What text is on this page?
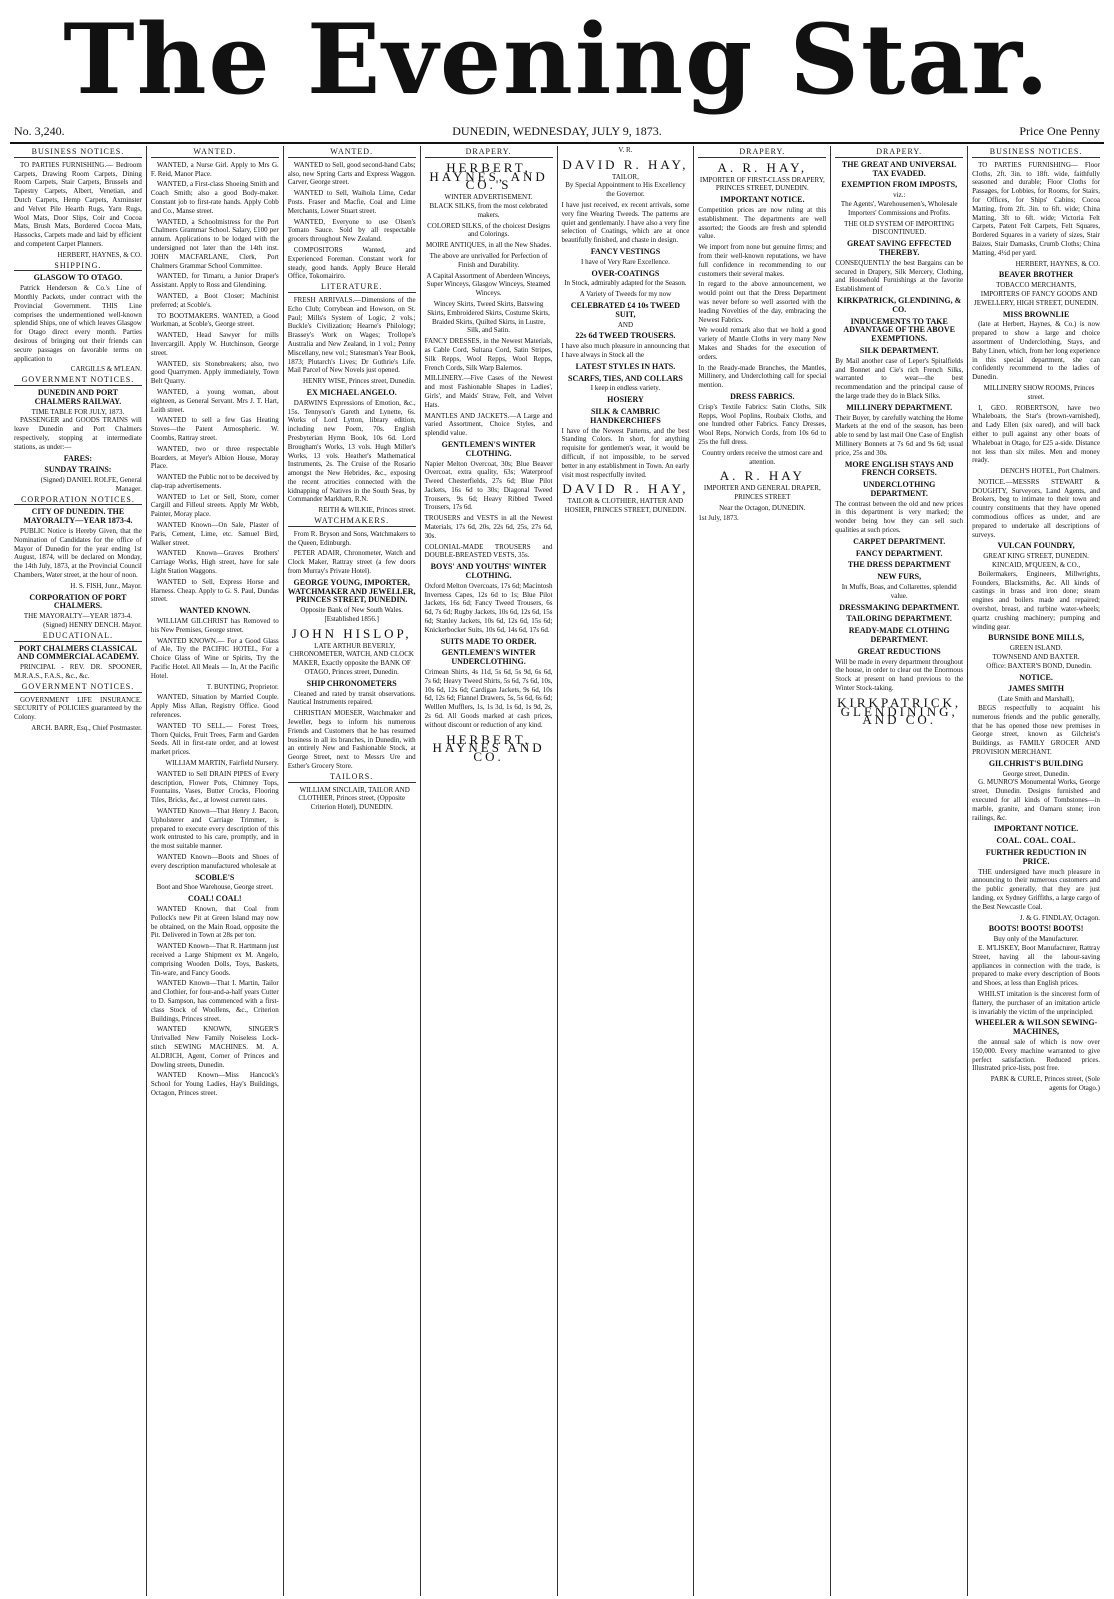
The Evening Star.
No. 3,240.	DUNEDIN, WEDNESDAY, JULY 9, 1873.	Price One Penny
BUSINESS NOTICES.

TO PARTIES FURNISHING.— Bedroom Carpets, Drawing Room Carpets, Dining Room Carpets, Stair Carpets, Brussels and Tapestry Carpets, Albert, Venetian, and Dutch Carpets, Hemp Carpets, Axminster and Velvet Pile Hearth Rugs, Yarn Rugs, Wool Mats, Door Slips, Coir and Cocoa Mats, Brush Mats, Bordered Cocoa Mats, Hassocks, Carpets made and laid by efficient and competent Carpet Planners.

HERBERT, HAYNES, & CO.

SHIPPING.
GLASGOW TO OTAGO.

Patrick Henderson & Co.'s Line of Monthly Packets, under contract with the Provincial Government. THIS Line comprises the undermentioned well-known splendid Ships, one of which leaves Glasgow for Otago direct every month. Parties desirous of bringing out their friends can secure passages on favorable terms on application to

CARGILLS & M'LEAN.

GOVERNMENT NOTICES.
DUNEDIN AND PORT CHALMERS RAILWAY.
TIME TABLE FOR JULY, 1873.

PASSENGER and GOODS TRAINS will leave Dunedin and Port Chalmers respectively, stopping at intermediate stations, as under:—

FARES:
SUNDAY TRAINS:

(Signed) DANIEL ROLFE, General Manager.

CORPORATION NOTICES.
CITY OF DUNEDIN. THE MAYORALTY—YEAR 1873-4.

PUBLIC Notice is Hereby Given, that the Nomination of Candidates for the office of Mayor of Dunedin for the year ending 1st August, 1874, will be declared on Monday, the 14th July, 1873, at the Provincial Council Chambers, Water street, at the hour of noon.

H. S. FISH, Junr., Mayor.

CORPORATION OF PORT CHALMERS.
THE MAYORALTY—YEAR 1873-4.

(Signed) HENRY DENCH. Mayor.

EDUCATIONAL.
PORT CHALMERS CLASSICAL AND COMMERCIAL ACADEMY.

PRINCIPAL - REV. DR. SPOONER, M.R.A.S., F.A.S., &c., &c.

GOVERNMENT NOTICES.

GOVERNMENT LIFE INSURANCE. SECURITY of POLICIES guaranteed by the Colony.

ARCH. BARR, Esq., Chief Postmaster.

WANTED.

WANTED, a Nurse Girl. Apply to Mrs G. F. Reid, Manor Place.

WANTED, a First-class Shoeing Smith and Coach Smith; also a good Body-maker. Constant job to first-rate hands. Apply Cobb and Co., Manse street.

WANTED, a Schoolmistress for the Port Chalmers Grammar School. Salary, £100 per annum. Applications to be lodged with the undersigned not later than the 14th inst. JOHN MACFARLANE, Clerk, Port Chalmers Grammar School Committee.

WANTED, for Timaru, a Junior Draper's Assistant. Apply to Ross and Glendining.

WANTED, a Boot Closer; Machinist preferred; at Scoble's.

TO BOOTMAKERS. WANTED, a Good Workman, at Scoble's, George street.

WANTED, Head Sawyer for mills Invercargill. Apply W. Hutchinson, George street.

WANTED, six Stonebreakers; also, two good Quarrymen. Apply immediately, Town Belt Quarry.

WANTED, a young woman, about eighteen, as General Servant. Mrs J. T. Hart, Leith street.

WANTED to sell a few Gas Heating Stoves—the Patent Atmospheric. W. Coombs, Rattray street.

WANTED, two or three respectable Boarders, at Meyer's Albion House, Moray Place.

WANTED the Public not to be deceived by clap-trap advertisements.

WANTED to Let or Sell, Store, corner Cargill and Filleul streets. Apply Mr Webb, Painter, Moray place.

WANTED Known—On Sale, Plaster of Paris, Cement, Lime, etc. Samuel Bird, Walker street.

WANTED Known—Graves Brothers' Carriage Works, High street, have for sale Light Station Waggons.

WANTED to Sell, Express Horse and Harness. Cheap. Apply to G. S. Paul, Dundas street.

WANTED KNOWN.

WILLIAM GILCHRIST has Removed to his New Premises, George street.

WANTED KNOWN.— For a Good Glass of Ale, Try the PACIFIC HOTEL, For a Choice Glass of Wine or Spirits, Try the Pacific Hotel. All Meals — In, At the Pacific Hotel.

T. BUNTING, Proprietor.

WANTED, Situation by Married Couple. Apply Miss Allan, Registry Office. Good references.

WANTED TO SELL.— Forest Trees, Thorn Quicks, Fruit Trees, Farm and Garden Seeds. All in first-rate order, and at lowest market prices.

WILLIAM MARTIN, Fairfield Nursery.

WANTED to Sell DRAIN PIPES of Every description, Flower Pots, Chimney Tops, Fountains, Vases, Butter Crocks, Flooring Tiles, Bricks, &c., at lowest current rates.

WANTED Known—That Henry J. Bacon, Upholsterer and Carriage Trimmer, is prepared to execute every description of this work entrusted to his care, promptly, and in the most suitable manner.

WANTED Known—Boots and Shoes of every description manufactured wholesale at

SCOBLE'S
Boot and Shoe Warehouse, George street.
COAL! COAL!

WANTED Known, that Coal from Pollock's new Pit at Green Island may now be obtained, on the Main Road, opposite the Pit. Delivered in Town at 28s per ton.

WANTED Known—That R. Hartmann just received a Large Shipment ex M. Angelo, comprising Wooden Dolls, Toys, Baskets, Tin-ware, and Fancy Goods.

WANTED Known—That I. Martin, Tailor and Clothier, for four-and-a-half years Cutter to D. Sampson, has commenced with a first-class Stock of Woollens, &c., Criterion Buildings, Princes street.

WANTED KNOWN, SINGER'S Unrivalled New Family Noiseless Lock-stitch SEWING MACHINES. M. A. ALDRICH, Agent, Corner of Princes and Dowling streets, Dunedin.

WANTED Known—Miss Hancock's School for Young Ladies, Hay's Buildings, Octagon, Princes street.

WANTED.

WANTED to Sell, good second-hand Cabs; also, new Spring Carts and Express Waggon. Carver, George street.

WANTED to Sell, Waihola Lime, Cedar Posts. Fraser and Macfie, Coal and Lime Merchants, Lower Stuart street.

WANTED, Everyone to use Olsen's Tomato Sauce. Sold by all respectable grocers throughout New Zealand.

COMPOSITORS Wanted, and Experienced Foreman. Constant work for steady, good hands. Apply Bruce Herald Office, Tokomairiro.

LITERATURE.

FRESH ARRIVALS.—Dimensions of the Echo Club; Corrybean and Howson, on St. Paul; Mills's System of Logic, 2 vols.; Buckle's Civilization; Hearne's Philology; Brassey's Work on Wages; Trollope's Australia and New Zealand, in 1 vol.; Penny Miscellany, new vol.; Statesman's Year Book, 1873; Plutarch's Lives; Dr Guthrie's Life. Mail Parcel of New Novels just opened.

HENRY WISE, Princes street, Dunedin.

EX MICHAEL ANGELO.

DARWIN'S Expressions of Emotion, &c., 15s. Tennyson's Gareth and Lynette, 6s. Works of Lord Lytton, library edition, including new Poem, 70s. English Presbyterian Hymn Book, 10s 6d. Lord Brougham's Works, 13 vols. Hugh Miller's Works, 13 vols. Heather's Mathematical Instruments, 2s. The Cruise of the Rosario amongst the New Hebrides, &c., exposing the recent atrocities connected with the kidnapping of Natives in the South Seas, by Commander Markham, R.N.

REITH & WILKIE, Princes street.

WATCHMAKERS.

From R. Bryson and Sons, Watchmakers to the Queen, Edinburgh.

PETER ADAIR, Chronometer, Watch and Clock Maker, Rattray street (a few doors from Murray's Private Hotel).

GEORGE YOUNG, IMPORTER, WATCHMAKER AND JEWELLER, PRINCES STREET, DUNEDIN.
Opposite Bank of New South Wales.
[Established 1856.]
JOHN HISLOP,

LATE ARTHUR BEVERLY, CHRONOMETER, WATCH, AND CLOCK MAKER, Exactly opposite the BANK OF OTAGO, Princes street, Dunedin.

SHIP CHRONOMETERS

Cleaned and rated by transit observations. Nautical Instruments repaired.

CHRISTIAN MOESER, Watchmaker and Jeweller, begs to inform his numerous Friends and Customers that he has resumed business in all its branches, in Dunedin, with an entirely New and Fashionable Stock, at George Street, next to Messrs Ure and Esther's Grocery Store.

TAILORS.

WILLIAM SINCLAIR, TAILOR AND CLOTHIER, Princes street, (Opposite Criterion Hotel), DUNEDIN.

DRAPERY.
HERBERT, HAYNES, AND CO.'S
WINTER ADVERTISEMENT.

BLACK SILKS, from the most celebrated makers.

COLORED SILKS, of the choicest Designs and Colorings.

MOIRE ANTIQUES, in all the New Shades.

The above are unrivalled for Perfection of Finish and Durability.

A Capital Assortment of Aberdeen Winceys, Super Winceys, Glasgow Winceys, Steamed Winceys.

Wincey Skirts, Tweed Skirts, Batswing Skirts, Embroidered Skirts, Costume Skirts, Braided Skirts, Quilted Skirts, in Lustre, Silk, and Satin.

FANCY DRESSES, in the Newest Materials, as Cable Cord, Sultana Cord, Satin Stripes, Silk Repps, Wool Repps, Wool Repps, French Cords, Silk Warp Balernos.

MILLINERY.—Five Cases of the Newest and most Fashionable Shapes in Ladies', Girls', and Maids' Straw, Felt, and Velvet Hats.

MANTLES AND JACKETS.—A Large and varied Assortment, Choice Styles, and splendid value.

GENTLEMEN'S WINTER CLOTHING.

Napier Melton Overcoat, 30s; Blue Beaver Overcoat, extra quality, 63s; Waterproof Tweed Chesterfields, 27s 6d; Blue Pilot Jackets, 16s 6d to 30s; Diagonal Tweed Trousers, 9s 6d; Heavy Ribbed Tweed Trousers, 17s 6d.

TROUSERS and VESTS in all the Newest Materials, 17s 6d, 20s, 22s 6d, 25s, 27s 6d, 30s.

COLONIAL-MADE TROUSERS and DOUBLE-BREASTED VESTS, 35s.

BOYS' AND YOUTHS' WINTER CLOTHING.

Oxford Melton Overcoats, 17s 6d; Macintosh Inverness Capes, 12s 6d to 1s; Blue Pilot Jackets, 16s 6d; Fancy Tweed Trousers, 6s 6d, 7s 6d; Rugby Jackets, 10s 6d, 12s 6d, 15s 6d; Stanley Jackets, 10s 6d, 12s 6d, 15s 6d; Knickerbocker Suits, 10s 6d, 14s 6d, 17s 6d.

SUITS MADE TO ORDER.
GENTLEMEN'S WINTER UNDERCLOTHING.

Crimean Shirts, 4s 11d, 5s 6d, 5s 9d, 6s 6d, 7s 6d; Heavy Tweed Shirts, 5s 6d, 7s 6d, 10s, 10s 6d, 12s 6d; Cardigan Jackets, 9s 6d, 10s 6d, 12s 6d; Flannel Drawers, 5s, 5s 6d, 6s 6d; Welllen Mufflers, 1s, 1s 3d, 1s 6d, 1s 9d, 2s, 2s 6d. All Goods marked at cash prices, without discount or reduction of any kind.

HERBERT, HAYNES AND CO.
V. R.
DAVID R. HAY,
TAILOR,

By Special Appointment to His Excellency the Governor.

I have just received, ex recent arrivals, some very fine Wearing Tweeds. The patterns are quiet and gentlemanly. I have also a very fine selection of Coatings, which are at once beautifully finished, and chaste in design.

FANCY VESTINGS

I have of Very Rare Excellence.

OVER-COATINGS

In Stock, admirably adapted for the Season.

A Variety of Tweeds for my now

CELEBRATED £4 10s TWEED SUIT,
AND
22s 6d TWEED TROUSERS.

I have also much pleasure in announcing that I have always in Stock all the

LATEST STYLES IN HATS.
SCARFS, TIES, AND COLLARS

I keep in endless variety.

HOSIERY
SILK & CAMBRIC HANDKERCHIEFS

I have of the Newest Patterns, and the best Standing Colors. In short, for anything requisite for gentlemen's wear, it would be difficult, if not impossible, to be served better in any establishment in Town. An early visit most respectfully invited.

DAVID R. HAY,

TAILOR & CLOTHIER, HATTER AND HOSIER, PRINCES STREET, DUNEDIN.

DRAPERY.
A. R. HAY,
IMPORTER OF FIRST-CLASS DRAPERY,
PRINCES STREET, DUNEDIN.
IMPORTANT NOTICE.

Competition prices are now ruling at this establishment. The departments are well assorted; the Goods are fresh and splendid value.

We import from none but genuine firms; and from their well-known reputations, we have full confidence in recommending to our customers their several makes.

In regard to the above announcement, we would point out that the Dress Department was never before so well assorted with the leading Novelties of the day, embracing the Newest Fabrics.

We would remark also that we hold a good variety of Mantle Cloths in very many New Makes and Shades for the execution of orders.

In the Ready-made Branches, the Mantles, Millinery, and Underclothing call for special mention.

DRESS FABRICS.

Crisp's Textile Fabrics: Satin Cloths, Silk Repps, Wool Poplins, Roubaix Cloths, and one hundred other Fabrics. Fancy Dresses, Wool Reps, Norwich Cords, from 10s 6d to 25s the full dress.

Country orders receive the utmost care and attention.

A. R. HAY

IMPORTER AND GENERAL DRAPER, PRINCES STREET

Near the Octagon, DUNEDIN.

1st July, 1873.

DRAPERY.
THE GREAT AND UNIVERSAL TAX EVADED.
EXEMPTION FROM IMPOSTS,
viz.:

The Agents', Warehousemen's, Wholesale Importers' Commissions and Profits.

THE OLD SYSTEM OF IMPORTING DISCONTINUED.

GREAT SAVING EFFECTED THEREBY.

CONSEQUENTLY the best Bargains can be secured in Drapery, Silk Mercery, Clothing, and Household Furnishings at the favorite Establishment of

KIRKPATRICK, GLENDINING, & CO.
INDUCEMENTS TO TAKE ADVANTAGE OF THE ABOVE EXEMPTIONS.
SILK DEPARTMENT.

By Mail another case of Leper's Spitalfields and Bonnet and Cie's rich French Silks, warranted to wear—the best recommendation and the principal cause of the large trade they do in Black Silks.

MILLINERY DEPARTMENT.

Their Buyer, by carefully watching the Home Markets at the end of the season, has been able to send by last mail One Case of English Millinery Bonnets at 7s 6d and 9s 6d; usual price, 25s and 30s.

MORE ENGLISH STAYS AND FRENCH CORSETS.
UNDERCLOTHING DEPARTMENT.

The contrast between the old and new prices in this department is very marked; the wonder being how they can sell such qualities at such prices.

CARPET DEPARTMENT.
FANCY DEPARTMENT.
THE DRESS DEPARTMENT
NEW FURS,

In Muffs, Boas, and Collarettes, splendid value.

DRESSMAKING DEPARTMENT.
TAILORING DEPARTMENT.
READY-MADE CLOTHING DEPARTMENT.
GREAT REDUCTIONS

Will be made in every department throughout the house, in order to clear out the Enormous Stock at present on hand previous to the Winter Stock-taking.

KIRKPATRICK, GLENDINING, AND CO.
BUSINESS NOTICES.

TO PARTIES FURNISHING— Floor Cloths, 2ft. 3in. to 18ft. wide, faithfully seasoned and durable; Floor Cloths for Passages, for Lobbies, for Rooms, for Stairs, for Offices, for Ships' Cabins; Cocoa Matting, from 2ft. 3in. to 6ft. wide; China Matting, 3ft to 6ft. wide; Victoria Felt Carpets, Patent Felt Carpets, Felt Squares, Bordered Squares in a variety of sizes, Stair Baizes, Stair Damasks, Crumb Cloths; China Matting, 4½d per yard.

HERBERT, HAYNES, & CO.

BEAVER BROTHER
TOBACCO MERCHANTS,

IMPORTERS OF FANCY GOODS AND JEWELLERY, HIGH STREET, DUNEDIN.

MISS BROWNLIE

(late at Herbert, Haynes, & Co.) is now prepared to show a large and choice assortment of Underclothing, Stays, and Baby Linen, which, from her long experience in this special department, she can confidently recommend to the ladies of Dunedin.

MILLINERY SHOW ROOMS, Princes street.

I, GEO. ROBERTSON, have two Whaleboats, the Star's (brown-varnished), and Lady Ellen (six oared), and will back either to pull against any other boats of Whaleboat in Otago, for £25 a-side. Distance not less than six miles. Men and money ready.

DENCH'S HOTEL, Port Chalmers.

NOTICE.—MESSRS STEWART & DOUGHTY, Surveyors, Land Agents, and Brokers, beg to intimate to their town and country constituents that they have opened commodious offices as under, and are prepared to undertake all descriptions of surveys.

VULCAN FOUNDRY,
GREAT KING STREET, DUNEDIN.
KINCAID, M'QUEEN, & CO.,

Boilermakers, Engineers, Millwrights, Founders, Blacksmiths, &c. All kinds of castings in brass and iron done; steam engines and boilers made and repaired; overshot, breast, and turbine water-wheels; quartz crushing machinery; pumping and winding gear.

BURNSIDE BONE MILLS,
GREEN ISLAND.
TOWNSEND AND BAXTER.

Office: BAXTER'S BOND, Dunedin.

NOTICE.
JAMES SMITH
(Late Smith and Marshall),

BEGS respectfully to acquaint his numerous friends and the public generally, that he has opened those new premises in George street, known as Gilchrist's Buildings, as FAMILY GROCER AND PROVISION MERCHANT.

GILCHRIST'S BUILDING
George street, Dunedin.

G. MUNRO'S Monumental Works, George street, Dunedin. Designs furnished and executed for all kinds of Tombstones—in marble, granite, and Oamaru stone; iron railings, &c.

IMPORTANT NOTICE.
COAL. COAL. COAL.
FURTHER REDUCTION IN PRICE.

THE undersigned have much pleasure in announcing to their numerous customers and the public generally, that they are just landing, ex Sydney Griffiths, a large cargo of the Best Newcastle Coal.

J. & G. FINDLAY, Octagon.

BOOTS! BOOTS! BOOTS!
Buy only of the Manufacturer.

E. M'LISKEY, Boot Manufacturer, Rattray Street, having all the labour-saving appliances in connection with the trade, is prepared to make every description of Boots and Shoes, at less than English prices.

WHILST imitation is the sincerest form of flattery, the purchaser of an imitation article is invariably the victim of the unprincipled.

WHEELER & WILSON SEWING-MACHINES,

the annual sale of which is now over 150,000. Every machine warranted to give perfect satisfaction. Reduced prices. Illustrated price-lists, post free.

PARK & CURLE, Princes street, (Sole agents for Otago.)
